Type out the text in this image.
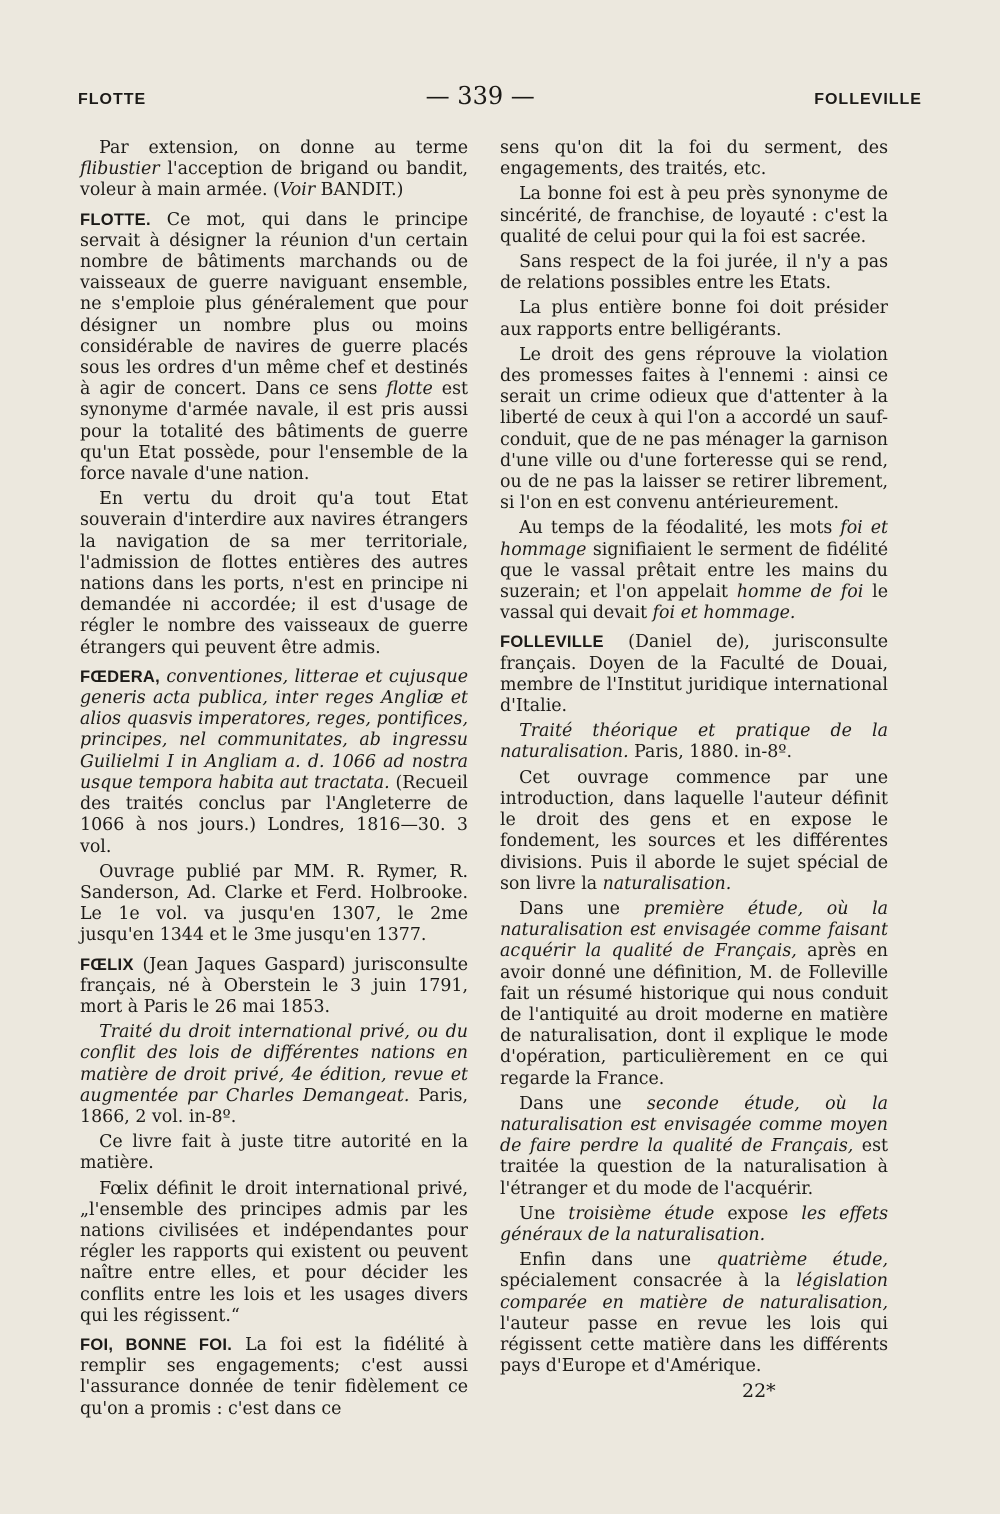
FLOTTE	— 339 —	FOLLEVILLE

Par extension, on donne au terme flibustier l'acception de brigand ou bandit, voleur à main armée. (Voir BANDIT.)

FLOTTE. Ce mot, qui dans le principe servait à désigner la réunion d'un certain nombre de bâtiments marchands ou de vaisseaux de guerre naviguant ensemble, ne s'emploie plus généralement que pour désigner un nombre plus ou moins considérable de navires de guerre placés sous les ordres d'un même chef et destinés à agir de concert. Dans ce sens flotte est synonyme d'armée navale, il est pris aussi pour la totalité des bâtiments de guerre qu'un Etat possède, pour l'ensemble de la force navale d'une nation.

En vertu du droit qu'a tout Etat souverain d'interdire aux navires étrangers la navigation de sa mer territoriale, l'admission de flottes entières des autres nations dans les ports, n'est en principe ni demandée ni accordée; il est d'usage de régler le nombre des vaisseaux de guerre étrangers qui peuvent être admis.

FŒDERA, conventiones, litterae et cujusque generis acta publica, inter reges Angliæ et alios quasvis imperatores, reges, pontifices, principes, nel communitates, ab ingressu Guilielmi I in Angliam a. d. 1066 ad nostra usque tempora habita aut tractata. (Recueil des traités conclus par l'Angleterre de 1066 à nos jours.) Londres, 1816—30. 3 vol.

Ouvrage publié par MM. R. Rymer, R. Sanderson, Ad. Clarke et Ferd. Holbrooke. Le 1e vol. va jusqu'en 1307, le 2me jusqu'en 1344 et le 3me jusqu'en 1377.

FŒLIX (Jean Jaques Gaspard) jurisconsulte français, né à Oberstein le 3 juin 1791, mort à Paris le 26 mai 1853.

Traité du droit international privé, ou du conflit des lois de différentes nations en matière de droit privé, 4e édition, revue et augmentée par Charles Demangeat. Paris, 1866, 2 vol. in-8º.

Ce livre fait à juste titre autorité en la matière.

Fœlix définit le droit international privé, „l'ensemble des principes admis par les nations civilisées et indépendantes pour régler les rapports qui existent ou peuvent naître entre elles, et pour décider les conflits entre les lois et les usages divers qui les régissent.“

FOI, BONNE FOI. La foi est la fidélité à remplir ses engagements; c'est aussi l'assurance donnée de tenir fidèlement ce qu'on a promis : c'est dans ce

sens qu'on dit la foi du serment, des engagements, des traités, etc.

La bonne foi est à peu près synonyme de sincérité, de franchise, de loyauté : c'est la qualité de celui pour qui la foi est sacrée.

Sans respect de la foi jurée, il n'y a pas de relations possibles entre les Etats.

La plus entière bonne foi doit présider aux rapports entre belligérants.

Le droit des gens réprouve la violation des promesses faites à l'ennemi : ainsi ce serait un crime odieux que d'attenter à la liberté de ceux à qui l'on a accordé un sauf-conduit, que de ne pas ménager la garnison d'une ville ou d'une forteresse qui se rend, ou de ne pas la laisser se retirer librement, si l'on en est convenu antérieurement.

Au temps de la féodalité, les mots foi et hommage signifiaient le serment de fidélité que le vassal prêtait entre les mains du suzerain; et l'on appelait homme de foi le vassal qui devait foi et hommage.

FOLLEVILLE (Daniel de), jurisconsulte français. Doyen de la Faculté de Douai, membre de l'Institut juridique international d'Italie.

Traité théorique et pratique de la naturalisation. Paris, 1880. in-8º.

Cet ouvrage commence par une introduction, dans laquelle l'auteur définit le droit des gens et en expose le fondement, les sources et les différentes divisions. Puis il aborde le sujet spécial de son livre la naturalisation.

Dans une première étude, où la naturalisation est envisagée comme faisant acquérir la qualité de Français, après en avoir donné une définition, M. de Folleville fait un résumé historique qui nous conduit de l'antiquité au droit moderne en matière de naturalisation, dont il explique le mode d'opération, particulièrement en ce qui regarde la France.

Dans une seconde étude, où la naturalisation est envisagée comme moyen de faire perdre la qualité de Français, est traitée la question de la naturalisation à l'étranger et du mode de l'acquérir.

Une troisième étude expose les effets généraux de la naturalisation.

Enfin dans une quatrième étude, spécialement consacrée à la législation comparée en matière de naturalisation, l'auteur passe en revue les lois qui régissent cette matière dans les différents pays d'Europe et d'Amérique.

22*
